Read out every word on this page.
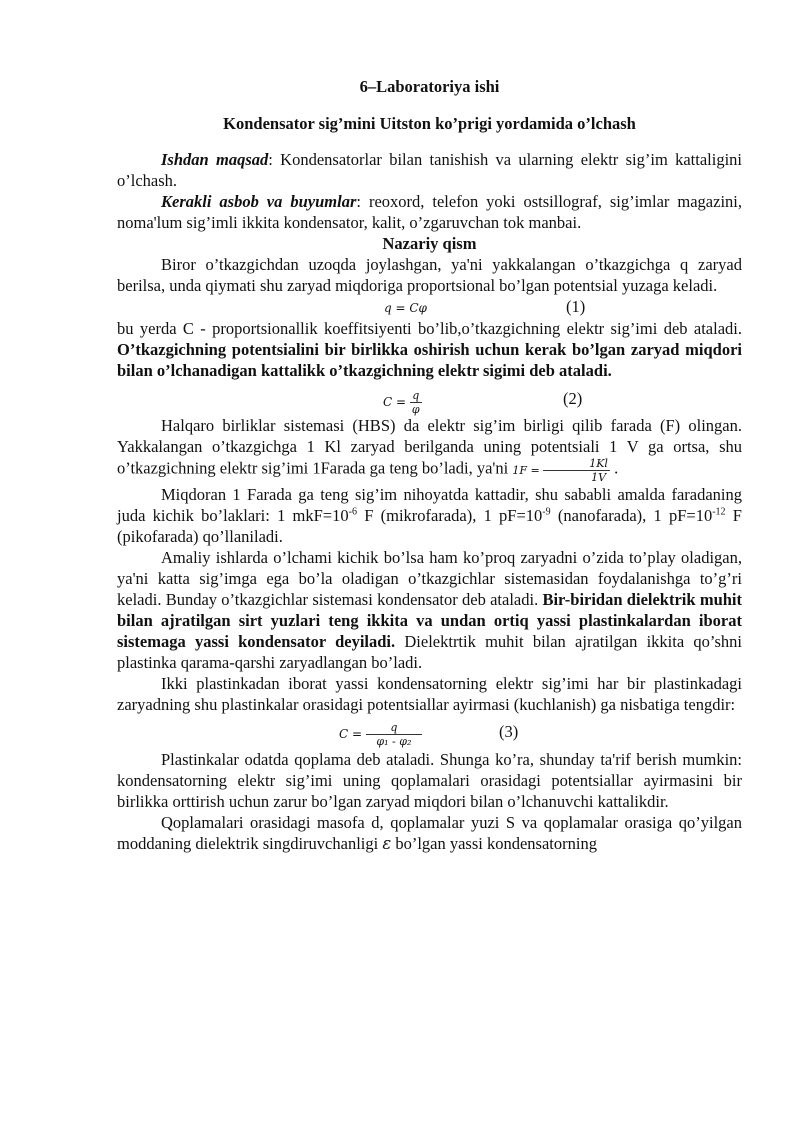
6–Laboratoriya ishi
Kondensator sig’mini Uitston ko’prigi yordamida o’lchash

Ishdan maqsad: Kondensatorlar bilan tanishish va ularning elektr sig’im kattaligini o’lchash.

Kerakli asbob va buyumlar: reoxord, telefon yoki ostsillograf, sig’imlar magazini, noma'lum sig’imli ikkita kondensator, kalit, o’zgaruvchan tok manbai.

Nazariy qism

Biror o’tkazgichdan uzoqda joylashgan, ya'ni yakkalangan o’tkazgichga q zaryad berilsa, unda qiymati shu zaryad miqdoriga proportsional bo’lgan potentsial yuzaga keladi.

q = Cφ	(1)

bu yerda C - proportsionallik koeffitsiyenti bo’lib,o’tkazgichning elektr sig’imi deb ataladi. O’tkazgichning potentsialini bir birlikka oshirish uchun kerak bo’lgan zaryad miqdori bilan o’lchanadigan kattalikk o’tkazgichning elektr sigimi deb ataladi.

$C = \frac{q}{\varphi}$	(2)

Halqaro birliklar sistemasi (HBS) da elektr sig’im birligi qilib farada (F) olingan. Yakkalangan o’tkazgichga 1 Kl zaryad berilganda uning potentsiali 1 V ga ortsa, shu o’tkazgichning elektr sig’imi 1Farada ga teng bo’ladi, ya'ni $1F = \frac{1Kl}{1V}$ .

Miqdoran 1 Farada ga teng sig’im nihoyatda kattadir, shu sababli amalda faradaning juda kichik bo’laklari: 1 $mkF=10^{-6}$ F (mikrofarada), 1 $pF=10^{-9}$ (nanofarada), 1 $pF=10^{-12}$ F (pikofarada) qo’llaniladi.

Amaliy ishlarda o’lchami kichik bo’lsa ham ko’proq zaryadni o’zida to’play oladigan, ya'ni katta sig’imga ega bo’la oladigan o’tkazgichlar sistemasidan foydalanishga to’g’ri keladi. Bunday o’tkazgichlar sistemasi kondensator deb ataladi. Bir-biridan dielektrik muhit bilan ajratilgan sirt yuzlari teng ikkita va undan ortiq yassi plastinkalardan iborat sistemaga yassi kondensator deyiladi. Dielektrtik muhit bilan ajratilgan ikkita qo’shni plastinka qarama-qarshi zaryadlangan bo’ladi.

Ikki plastinkadan iborat yassi kondensatorning elektr sig’imi har bir plastinkadagi zaryadning shu plastinkalar orasidagi potentsiallar ayirmasi (kuchlanish) ga nisbatiga tengdir:

$C = \frac{q}{\text{φ₁ - φ₂}}$	(3)

Plastinkalar odatda qoplama deb ataladi. Shunga ko’ra, shunday ta'rif berish mumkin: kondensatorning elektr sig’imi uning qoplamalari orasidagi potentsiallar ayirmasini bir birlikka orttirish uchun zarur bo’lgan zaryad miqdori bilan o’lchanuvchi kattalikdir.

Qoplamalari orasidagi masofa d, qoplamalar yuzi S va qoplamalar orasiga qo’yilgan moddaning dielektrik singdiruvchanligi ε bo’lgan yassi kondensatorning
